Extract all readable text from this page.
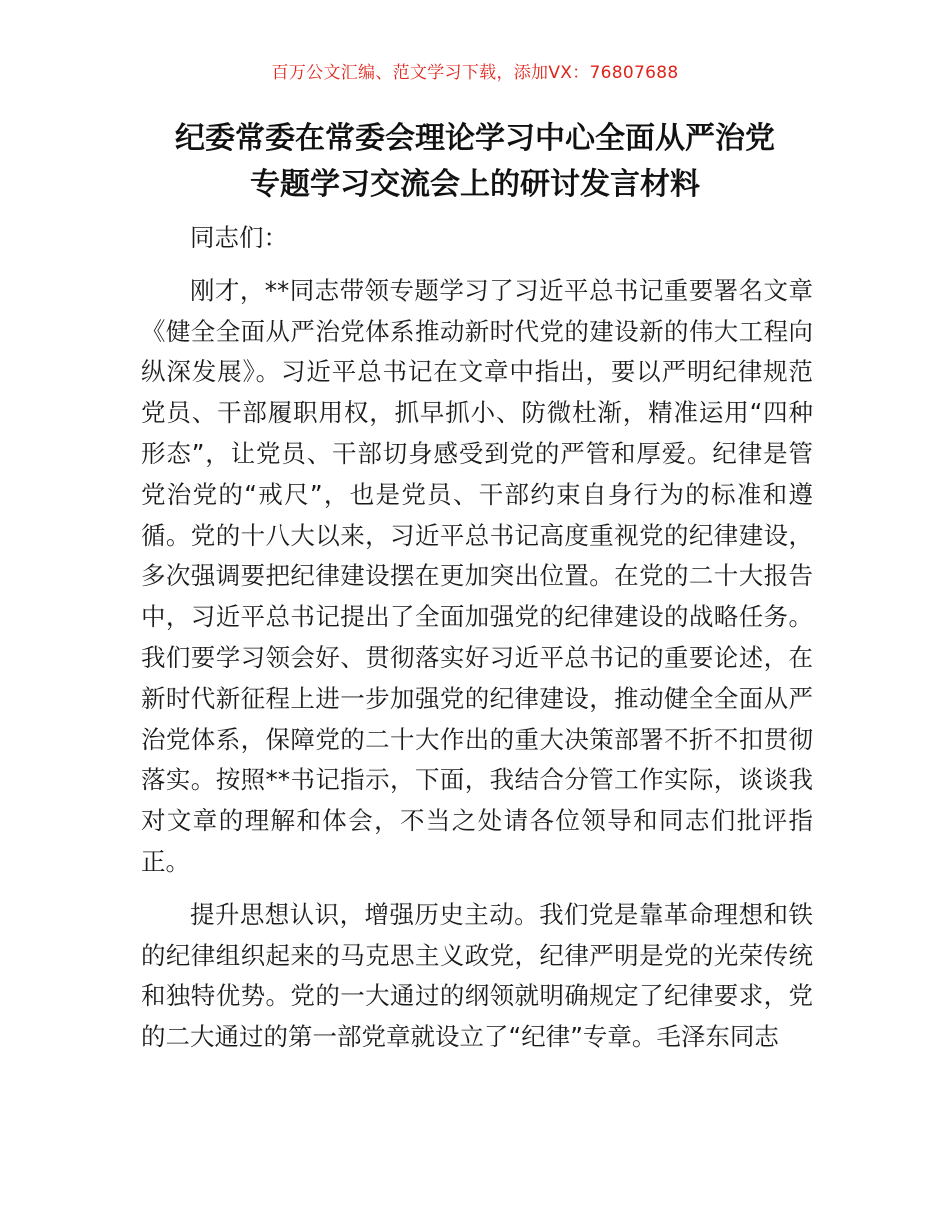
百万公文汇编、范文学习下载，添加VX：76807688
纪委常委在常委会理论学习中心全面从严治党
专题学习交流会上的研讨发言材料

同志们：

刚才，**同志带领专题学习了习近平总书记重要署名文章《健全全面从严治党体系推动新时代党的建设新的伟大工程向纵深发展》。习近平总书记在文章中指出，要以严明纪律规范党员、干部履职用权，抓早抓小、防微杜渐，精准运用“四种形态”，让党员、干部切身感受到党的严管和厚爱。纪律是管党治党的“戒尺”，也是党员、干部约束自身行为的标准和遵循。党的十八大以来，习近平总书记高度重视党的纪律建设，多次强调要把纪律建设摆在更加突出位置。在党的二十大报告中，习近平总书记提出了全面加强党的纪律建设的战略任务。我们要学习领会好、贯彻落实好习近平总书记的重要论述，在新时代新征程上进一步加强党的纪律建设，推动健全全面从严治党体系，保障党的二十大作出的重大决策部署不折不扣贯彻落实。按照**书记指示，下面，我结合分管工作实际，谈谈我对文章的理解和体会，不当之处请各位领导和同志们批评指正。

提升思想认识，增强历史主动。我们党是靠革命理想和铁的纪律组织起来的马克思主义政党，纪律严明是党的光荣传统和独特优势。党的一大通过的纲领就明确规定了纪律要求，党的二大通过的第一部党章就设立了“纪律”专章。毛泽东同志
